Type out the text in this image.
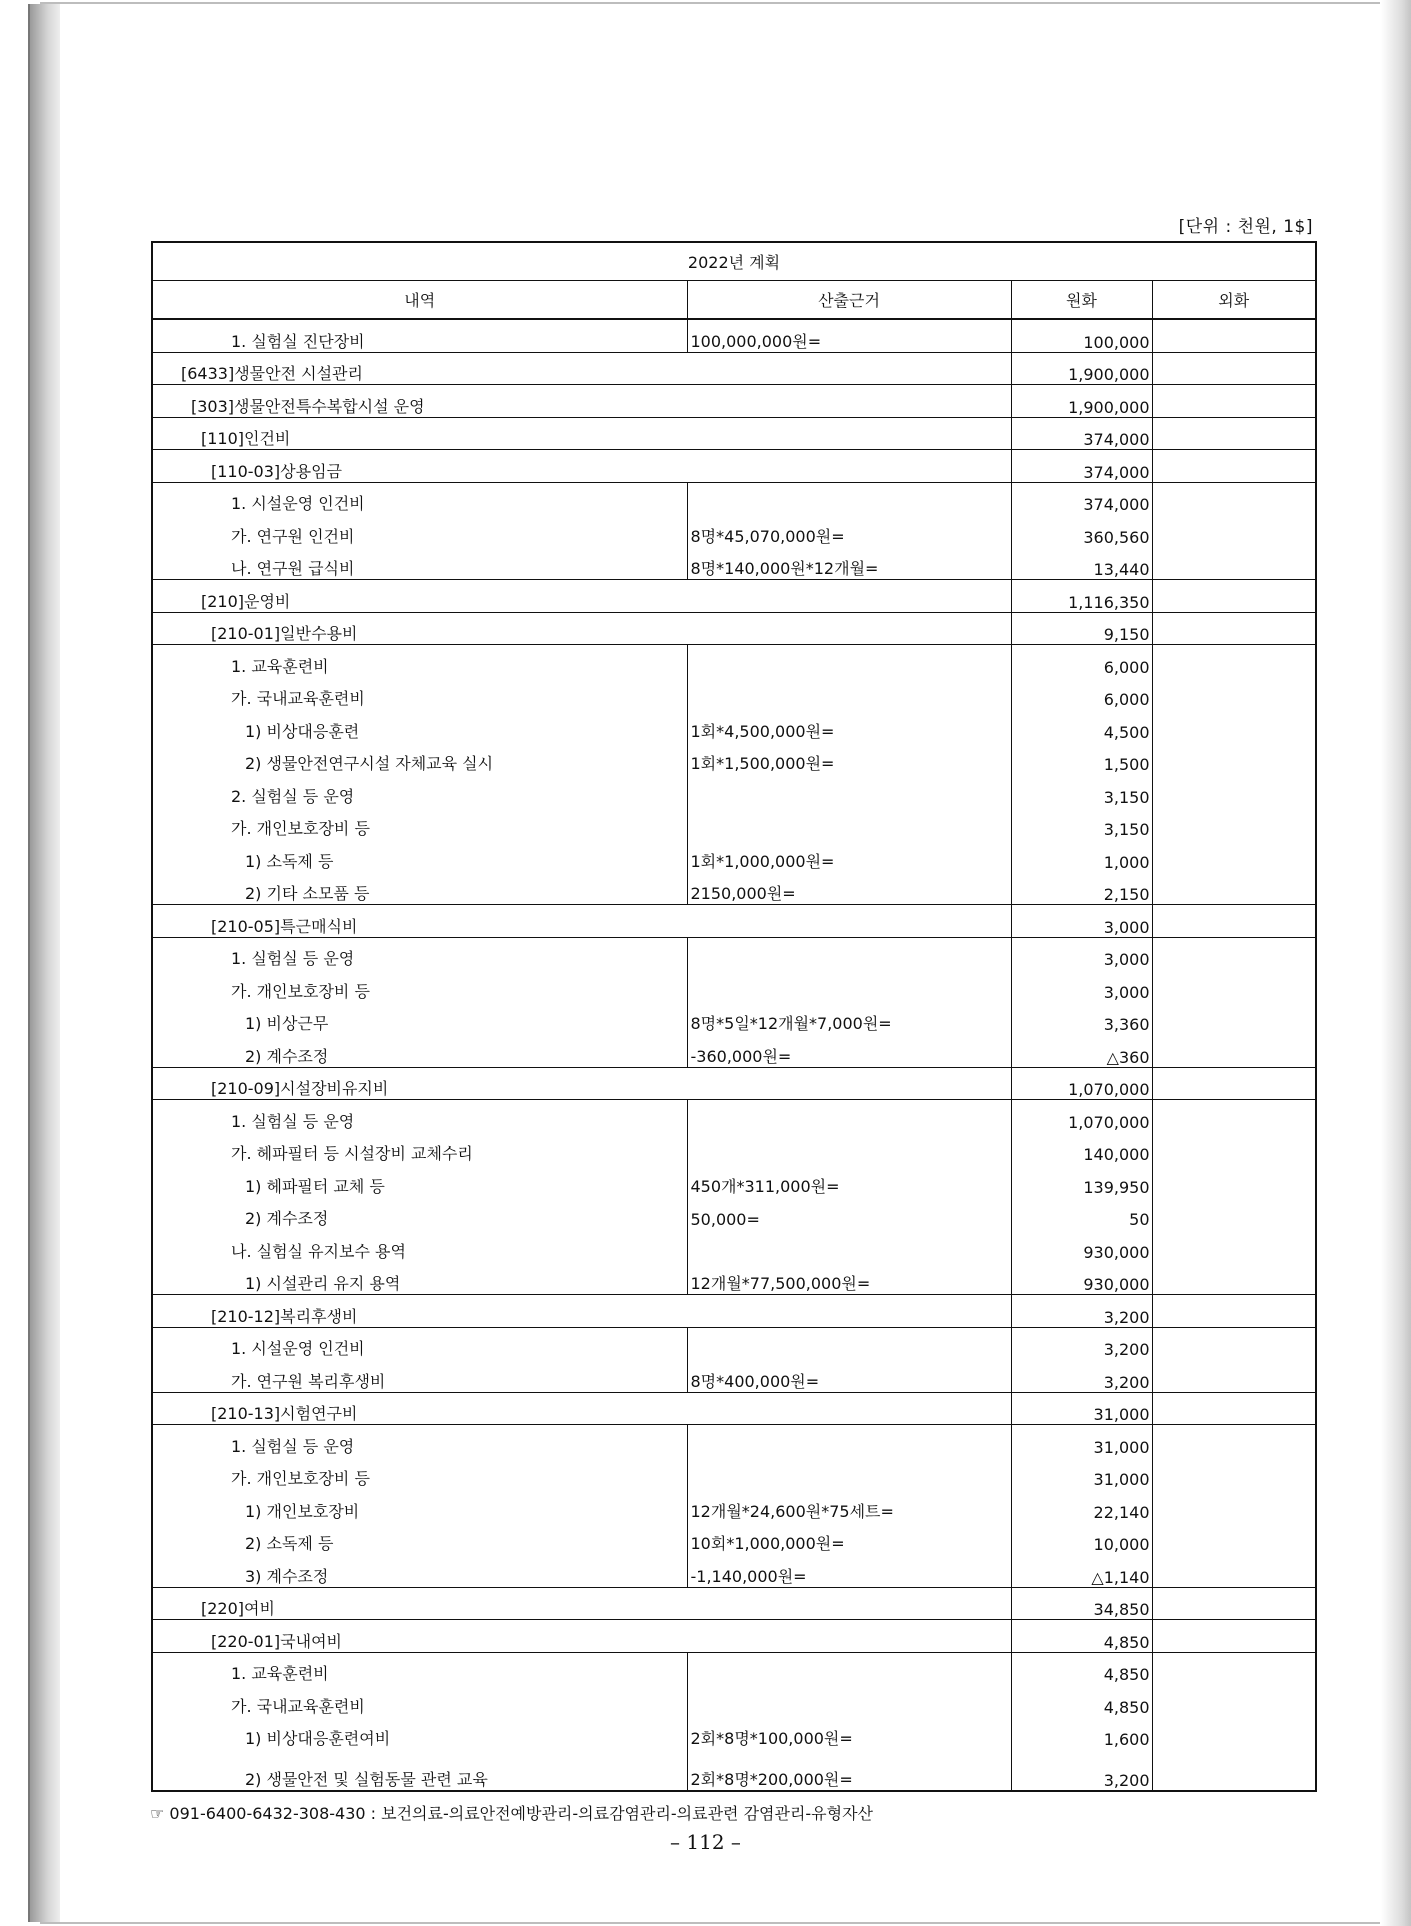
[단위 : 천원, 1$]
2022년 계획			
내역	산출근거	원화	외화
1. 실험실 진단장비	100,000,000원=	100,000	
[6433]생물안전 시설관리		1,900,000	
[303]생물안전특수복합시설 운영		1,900,000	
[110]인건비		374,000	
[110-03]상용임금		374,000	
1. 시설운영 인건비		374,000	
가. 연구원 인건비	8명*45,070,000원=	360,560	
나. 연구원 급식비	8명*140,000원*12개월=	13,440	
[210]운영비		1,116,350	
[210-01]일반수용비		9,150	
1. 교육훈련비		6,000	
가. 국내교육훈련비		6,000	
1) 비상대응훈련	1회*4,500,000원=	4,500	
2) 생물안전연구시설 자체교육 실시	1회*1,500,000원=	1,500	
2. 실험실 등 운영		3,150	
가. 개인보호장비 등		3,150	
1) 소독제 등	1회*1,000,000원=	1,000	
2) 기타 소모품 등	2150,000원=	2,150	
[210-05]특근매식비		3,000	
1. 실험실 등 운영		3,000	
가. 개인보호장비 등		3,000	
1) 비상근무	8명*5일*12개월*7,000원=	3,360	
2) 계수조정	-360,000원=	△360	
[210-09]시설장비유지비		1,070,000	
1. 실험실 등 운영		1,070,000	
가. 헤파필터 등 시설장비 교체수리		140,000	
1) 헤파필터 교체 등	450개*311,000원=	139,950	
2) 계수조정	50,000=	50	
나. 실험실 유지보수 용역		930,000	
1) 시설관리 유지 용역	12개월*77,500,000원=	930,000	
[210-12]복리후생비		3,200	
1. 시설운영 인건비		3,200	
가. 연구원 복리후생비	8명*400,000원=	3,200	
[210-13]시험연구비		31,000	
1. 실험실 등 운영		31,000	
가. 개인보호장비 등		31,000	
1) 개인보호장비	12개월*24,600원*75세트=	22,140	
2) 소독제 등	10회*1,000,000원=	10,000	
3) 계수조정	-1,140,000원=	△1,140	
[220]여비		34,850	
[220-01]국내여비		4,850	
1. 교육훈련비		4,850	
가. 국내교육훈련비		4,850	
1) 비상대응훈련여비	2회*8명*100,000원=	1,600	
2) 생물안전 및 실험동물 관련 교육	2회*8명*200,000원=	3,200	
☞ 091-6400-6432-308-430 : 보건의료-의료안전예방관리-의료감염관리-의료관련 감염관리-유형자산
– 112 –
